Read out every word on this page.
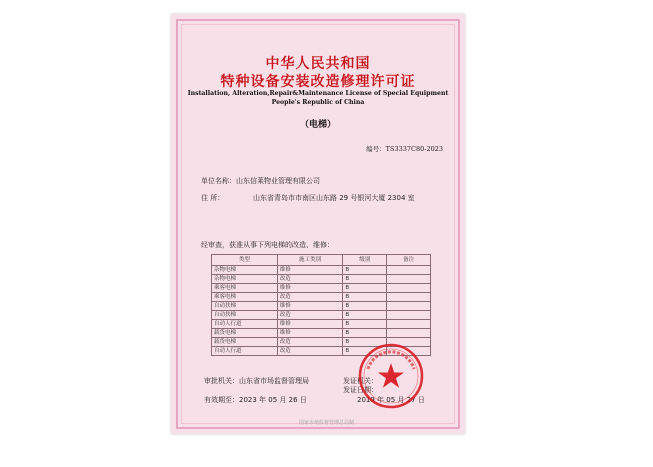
中华人民共和国
特种设备安装改造修理许可证
Installation, Alteration,Repair&Maintenance License of Special Equipment
People's Republic of China
（电梯）
编号：TS3337C80-2023
单位名称：山东信莱物业管理有限公司
住 所：	山东省青岛市市南区山东路 29 号银河大厦 2304 室
经审查，获准从事下列电梯的改造、维修：
类型	施工类别	级别	备注
杂物电梯	维修	B	
杂物电梯	改造	B	
乘客电梯	维修	B	
乘客电梯	改造	B	
自动扶梯	维修	B	
自动扶梯	改造	B	
自动人行道	维修	B	
载货电梯	维修	B	
载货电梯	改造	B	
自动人行道	改造	B	
审批机关：山东省市场监督管理局	发证机关：
发证日期：
有效期至：2023 年 05 月 26 日	2019 年 05 月 27 日
国家市场监督管理总局制
